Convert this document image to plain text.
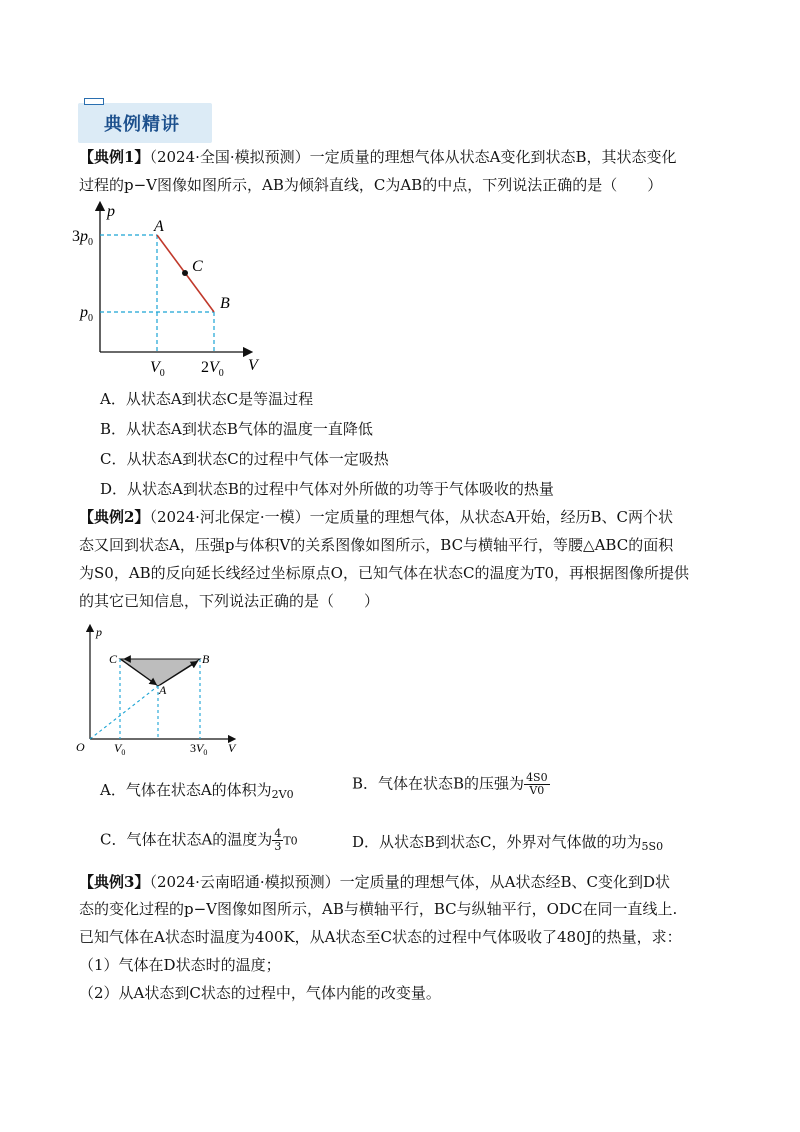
典例精讲
【典例1】（2024·全国·模拟预测）一定质量的理想气体从状态A变化到状态B，其状态变化
过程的p−V图像如图所示，AB为倾斜直线，C为AB的中点，下列说法正确的是（　　）
p
V
A
C
B
$3p_0$
$p_0$
$V_0$ $2V_0$
A．从状态A到状态C是等温过程
B．从状态A到状态B气体的温度一直降低
C．从状态A到状态C的过程中气体一定吸热
D．从状态A到状态B的过程中气体对外所做的功等于气体吸收的热量
【典例2】（2024·河北保定·一模）一定质量的理想气体，从状态A开始，经历B、C两个状
态又回到状态A，压强p与体积V的关系图像如图所示，BC与横轴平行，等腰△ABC的面积
为S0，AB的反向延长线经过坐标原点O，已知气体在状态C的温度为T0，再根据图像所提供
的其它已知信息，下列说法正确的是（　　）
p
V
O
C	B
A
$V_0$	$3V_0$
A．气体在状态A的体积为$_{2V0}$
B．气体在状态B的压强为 $\frac{4S0}{V0}$
C．气体在状态A的温度为 $\frac{4}{3} T0$	D．从状态B到状态C，外界对气体做的功为$_{5S0}$
【典例3】（2024·云南昭通·模拟预测）一定质量的理想气体，从A状态经B、C变化到D状
态的变化过程的p−V图像如图所示，AB与横轴平行，BC与纵轴平行，ODC在同一直线上.
已知气体在A状态时温度为400K，从A状态至C状态的过程中气体吸收了480J的热量，求：
（1）气体在D状态时的温度；
（2）从A状态到C状态的过程中，气体内能的改变量。
